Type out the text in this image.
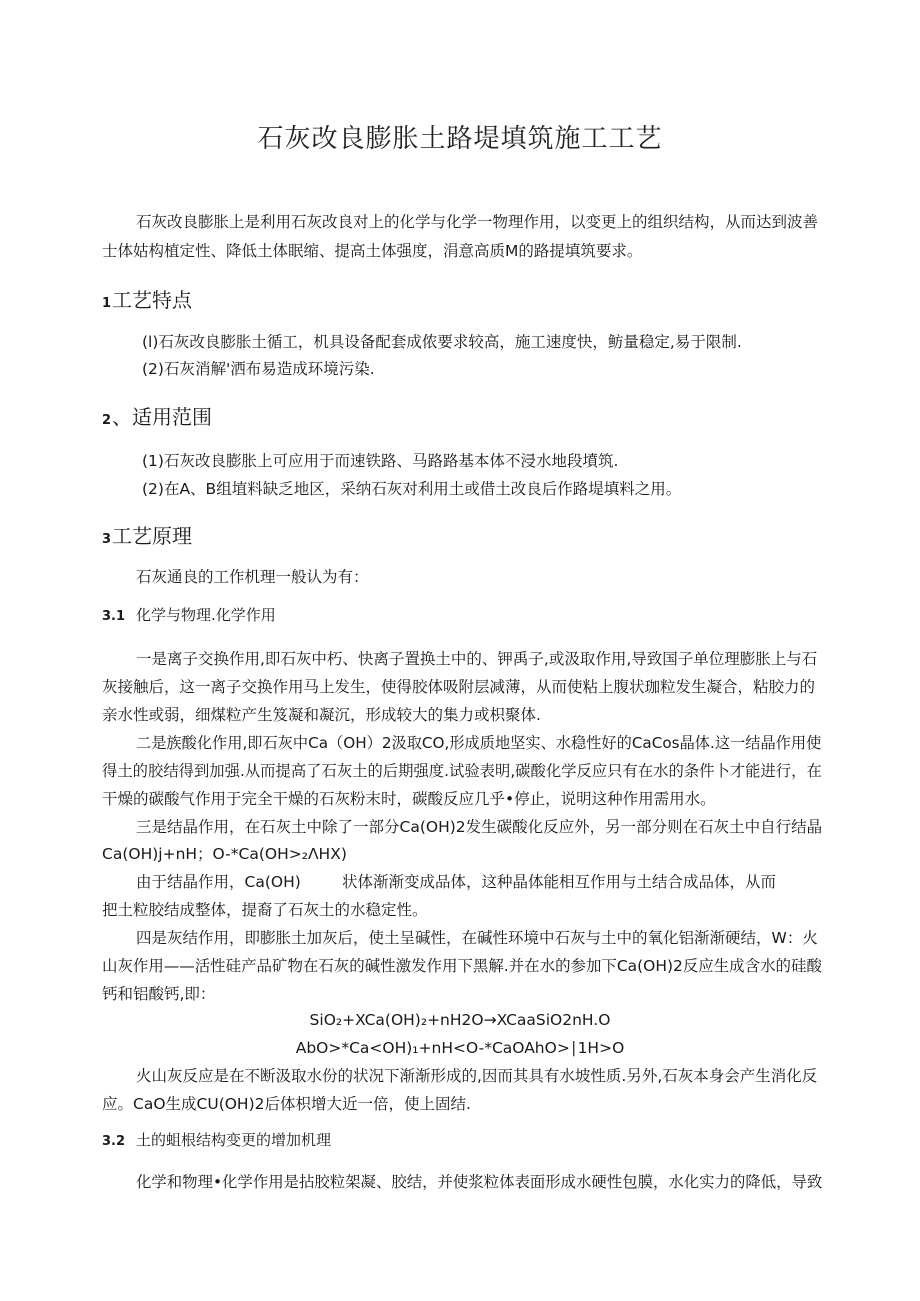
石灰改良膨胀土路堤填筑施工工艺
石灰改良膨胀上是利用石灰改良对上的化学与化学一物理作用，以变更上的组织结构，从而达到波善
士体姑构植定性、降低土体眠缩、提高土体强度，涓意高质M的路提填筑要求。
1工艺特点
(l)石灰改良膨胀土循工，机具设备配套成侬要求较高，施工速度快，鲂量稳定,易于限制.
(2)石灰消解'洒布易造成环境污染.
2、适用范围
(1)石灰改良膨胀上可应用于而速铁路、马路路基本体不浸水地段墳筑.
(2)在A、B组埴料缺乏地区，采纳石灰对利用土或借土改良后作路堤填料之用。
3工艺原理
石灰通良的工作机理一般认为有：
3.1 化学与物理.化学作用
一是离子交换作用,即石灰中朽、快离子置换土中的、钾禹子,或汲取作用,导致国子单位理膨胀上与石
灰接触后，这一离子交换作用马上发生，使得胶体吸附层减薄，从而使粘上腹状珈粒发生凝合，粘胶力的
亲水性或弱，细煤粒产生笈凝和凝沉，形成较大的集力或枳聚体.
二是族酸化作用,即石灰中Ca（OH）2汲取CO,形成质地坚实、水稳性好的CaCos晶体.这一结晶作用使
得土的胶结得到加强.从而提高了石灰土的后期强度.试验表明,碳酸化学反应只有在水的条件卜才能进行，在
干燥的碳酸气作用于完全干燥的石灰粉末时，碳酸反应几乎•停止，说明这种作用需用水。
三是结晶作用，在石灰土中除了一部分Ca(OH)2发生碳酸化反应外，另一部分则在石灰土中自行结晶
Ca(OH)j+nH；O-*Ca(OH>₂ΛHX)
由于结晶作用，Ca(OH)	状体渐渐变成品体，这种晶体能相互作用与土结合成品体，从而
把土粒胶结成整体，提裔了石灰土的水稳定性。
四是灰结作用，即膨胀土加灰后，使土呈碱性，在碱性环境中石灰与土中的氧化铝渐渐硬结，W：火
山灰作用——活性硅产品矿物在石灰的碱性激发作用下黑解.并在水的参加下Ca(OH)2反应生成含水的硅酸
钙和铝酸钙,即：
SiO₂+XCa(OH)₂+nH2O→XCaaSiO2nH.O
AbO>*Ca<OH)₁+nH<O-*CaOAhO>∣1H>O
火山灰反应是在不断汲取水份的状况下渐渐形成的,因而其具有水坡性质.另外,石灰本身会产生消化反
应。CaO生成CU(OH)2后体枳增大近一倍，使上固结.
3.2 土的蛆根结构变更的增加机理
化学和物理•化学作用是拈胶粒架凝、胶结，并使浆粒体表面形成水硬性包膜，水化实力的降低，导致
